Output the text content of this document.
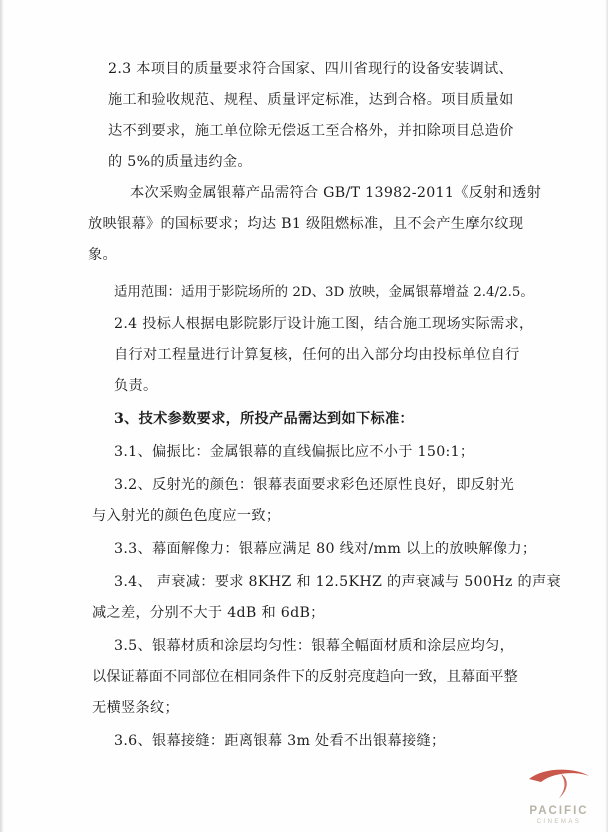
2.3 本项目的质量要求符合国家、四川省现行的设备安装调试、
施工和验收规范、规程、质量评定标准，达到合格。项目质量如
达不到要求，施工单位除无偿返工至合格外，并扣除项目总造价
的 5%的质量违约金。
本次采购金属银幕产品需符合 GB/T 13982-2011《反射和透射
放映银幕》的国标要求；均达 B1 级阻燃标准，且不会产生摩尔纹现
象。
适用范围：适用于影院场所的 2D、3D 放映，金属银幕增益 2.4/2.5。
2.4 投标人根据电影院影厅设计施工图，结合施工现场实际需求，
自行对工程量进行计算复核，任何的出入部分均由投标单位自行
负责。
3、技术参数要求，所投产品需达到如下标准：
3.1、偏振比：金属银幕的直线偏振比应不小于 150:1；
3.2、反射光的颜色：银幕表面要求彩色还原性良好，即反射光
与入射光的颜色色度应一致；
3.3、幕面解像力：银幕应满足 80 线对/mm 以上的放映解像力；
3.4、 声衰减：要求 8KHZ 和 12.5KHZ 的声衰减与 500Hz 的声衰
减之差，分别不大于 4dB 和 6dB；
3.5、银幕材质和涂层均匀性：银幕全幅面材质和涂层应均匀，
以保证幕面不同部位在相同条件下的反射亮度趋向一致，且幕面平整
无横竖条纹；
3.6、银幕接缝：距离银幕 3m 处看不出银幕接缝；
PACIFIC
CINEMAS
